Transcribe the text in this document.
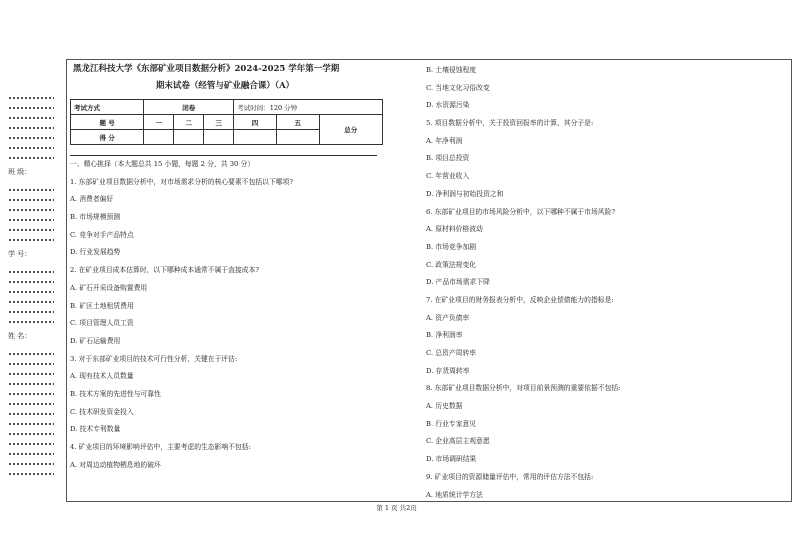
班 级：
学 号：
姓 名：
黑龙江科技大学《东部矿业项目数据分析》2024-2025 学年第一学期
期末试卷（经管与矿业融合课）（A）
考试方式	闭卷			考试时间：120 分钟		
题 号	一	二	三	四	五	总分
得 分						
一、精心挑择（本大题总共 15 小题，每题 2 分，共 30 分）
1. 东部矿业项目数据分析中，对市场需求分析的核心要素不包括以下哪项?
A. 消费者偏好
B. 市场规模预测
C. 竞争对手产品特点
D. 行业发展趋势
2. 在矿业项目成本估算时，以下哪种成本通常不属于直接成本?
A. 矿石开采设备购置费用
B. 矿区土地租赁费用
C. 项目管理人员工资
D. 矿石运输费用
3. 对于东部矿业项目的技术可行性分析，关键在于评估:
A. 现有技术人员数量
B. 技术方案的先进性与可靠性
C. 技术研发资金投入
D. 技术专利数量
4. 矿业项目的环境影响评估中，主要考虑的生态影响不包括:
A. 对周边动植物栖息地的破坏
B. 土壤侵蚀程度
C. 当地文化习俗改变
D. 水资源污染
5. 项目数据分析中，关于投资回报率的计算，其分子是:
A. 年净利润
B. 项目总投资
C. 年营业收入
D. 净利润与初始投资之和
6. 东部矿业项目的市场风险分析中，以下哪种不属于市场风险?
A. 原材料价格波动
B. 市场竞争加剧
C. 政策法规变化
D. 产品市场需求下降
7. 在矿业项目的财务报表分析中，反映企业偿债能力的指标是:
A. 资产负债率
B. 净利润率
C. 总资产周转率
D. 存货周转率
8. 东部矿业项目数据分析中，对项目前景预测的重要依据不包括:
A. 历史数据
B. 行业专家意见
C. 企业高层主观意愿
D. 市场调研结果
9. 矿业项目的资源储量评估中，常用的评估方法不包括:
A. 地质统计学方法
第 1 页 共2页
